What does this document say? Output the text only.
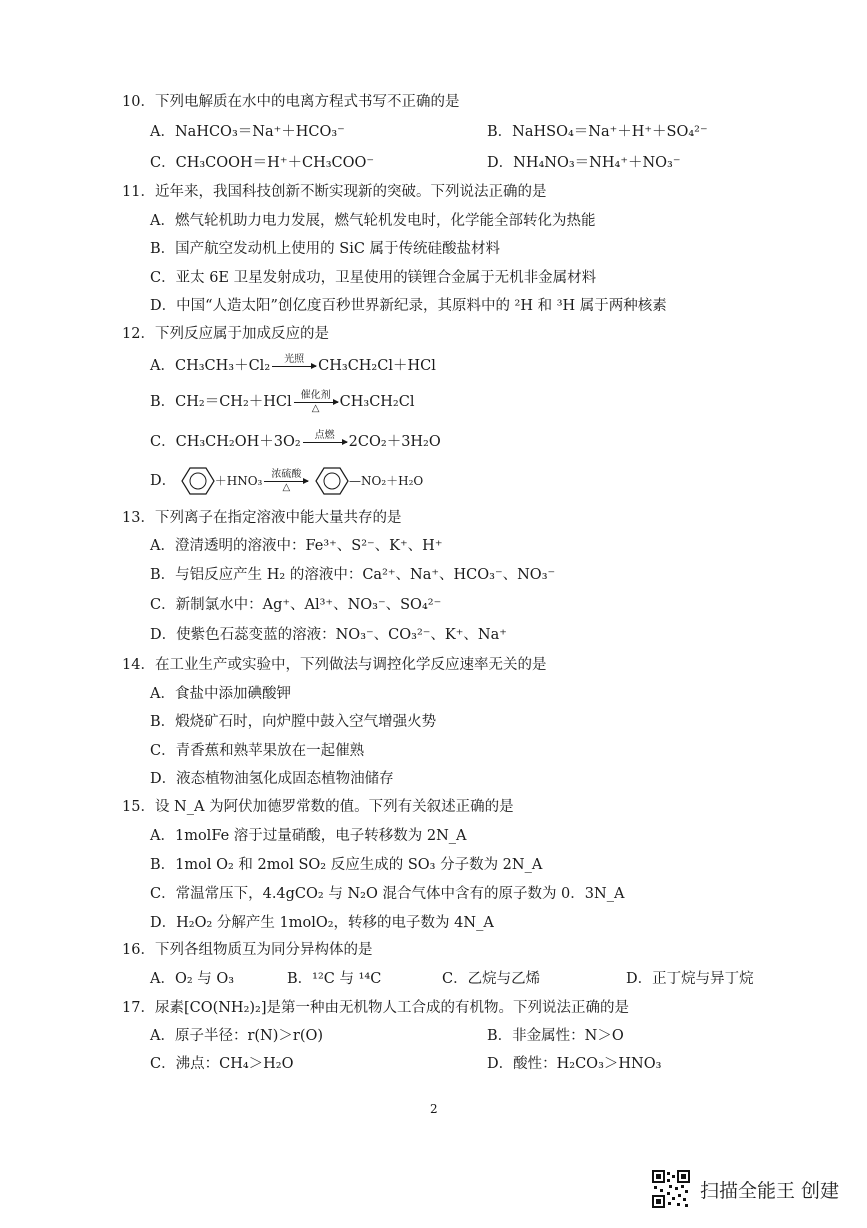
10．下列电解质在水中的电离方程式书写不正确的是
A．NaHCO₃＝Na⁺＋HCO₃⁻	B．NaHSO₄＝Na⁺＋H⁺＋SO₄²⁻
C．CH₃COOH＝H⁺＋CH₃COO⁻	D．NH₄NO₃＝NH₄⁺＋NO₃⁻
11．近年来，我国科技创新不断实现新的突破。下列说法正确的是
A．燃气轮机助力电力发展，燃气轮机发电时，化学能全部转化为热能
B．国产航空发动机上使用的 SiC 属于传统硅酸盐材料
C．亚太 6E 卫星发射成功，卫星使用的镁锂合金属于无机非金属材料
D．中国“人造太阳”创亿度百秒世界新纪录，其原料中的 ²H 和 ³H 属于两种核素
12．下列反应属于加成反应的是
A．CH₃CH₃＋Cl₂	光照 CH₃CH₂Cl＋HCl
B．CH₂＝CH₂＋HCl 催化剂
△	CH₃CH₂Cl
C．CH₃CH₂OH＋3O₂	点燃 2CO₂＋3H₂O
D．	＋HNO₃ 浓硫酸
△	—NO₂＋H₂O
13．下列离子在指定溶液中能大量共存的是
A．澄清透明的溶液中：Fe³⁺、S²⁻、K⁺、H⁺
B．与铝反应产生 H₂ 的溶液中：Ca²⁺、Na⁺、HCO₃⁻、NO₃⁻
C．新制氯水中：Ag⁺、Al³⁺、NO₃⁻、SO₄²⁻
D．使紫色石蕊变蓝的溶液：NO₃⁻、CO₃²⁻、K⁺、Na⁺
14．在工业生产或实验中，下列做法与调控化学反应速率无关的是
A．食盐中添加碘酸钾
B．煅烧矿石时，向炉膛中鼓入空气增强火势
C．青香蕉和熟苹果放在一起催熟
D．液态植物油氢化成固态植物油储存
15．设 N_A 为阿伏加德罗常数的值。下列有关叙述正确的是
A．1molFe 溶于过量硝酸，电子转移数为 2N_A
B．1mol O₂ 和 2mol SO₂ 反应生成的 SO₃ 分子数为 2N_A
C．常温常压下，4.4gCO₂ 与 N₂O 混合气体中含有的原子数为 0．3N_A
D．H₂O₂ 分解产生 1molO₂，转移的电子数为 4N_A
16．下列各组物质互为同分异构体的是
A．O₂ 与 O₃	B．¹²C 与 ¹⁴C	C．乙烷与乙烯	D．正丁烷与异丁烷
17．尿素[CO(NH₂)₂]是第一种由无机物人工合成的有机物。下列说法正确的是
A．原子半径：r(N)＞r(O)	B．非金属性：N＞O
C．沸点：CH₄＞H₂O	D．酸性：H₂CO₃＞HNO₃
2
扫描全能王 创建
